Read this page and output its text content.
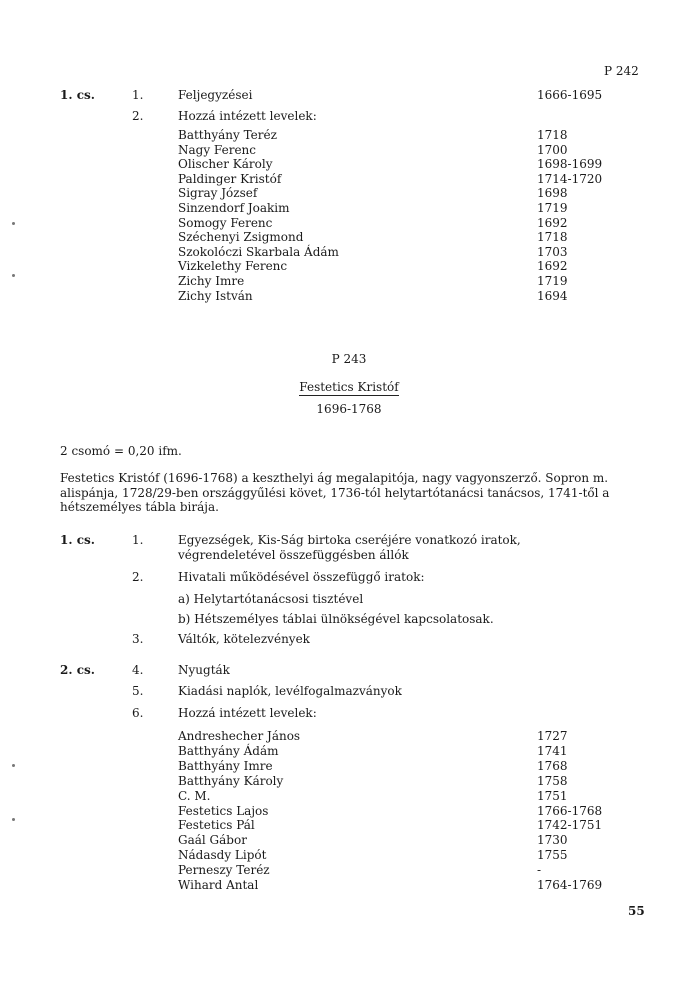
P 242
1. cs.	1.	Feljegyzései	1666-1695
2.	Hozzá intézett levelek:
Batthyány Teréz	1718
Nagy Ferenc	1700
Olischer Károly	1698-1699
Paldinger Kristóf	1714-1720
Sigray József	1698
Sinzendorf Joakim	1719
Somogy Ferenc	1692
Széchenyi Zsigmond	1718
Szokolóczi Skarbala Ádám	1703
Vizkelethy Ferenc	1692
Zichy Imre	1719
Zichy István	1694
P 243
Festetics Kristóf
1696-1768
2 csomó = 0,20 ifm.
Festetics Kristóf (1696-1768) a keszthelyi ág megalapitója, nagy vagyonszerző. Sopron m. alispánja, 1728/29-ben országgyűlési követ, 1736-tól helytartótanácsi tanácsos, 1741-től a hétszemélyes tábla birája.
1. cs.	1.	Egyezségek, Kis-Ság birtoka cseréjére vonatkozó iratok,
végrendeletével összefüggésben állók
2.	Hivatali működésével összefüggő iratok:
a) Helytartótanácsosi tisztével
b) Hétszemélyes táblai ülnökségével kapcsolatosak.
3.	Váltók, kötelezvények
2. cs.	4.	Nyugták
5.	Kiadási naplók, levélfogalmazványok
6.	Hozzá intézett levelek:
Andreshecher János	1727
Batthyány Ádám	1741
Batthyány Imre	1768
Batthyány Károly	1758
C. M.	1751
Festetics Lajos	1766-1768
Festetics Pál	1742-1751
Gaál Gábor	1730
Nádasdy Lipót	1755
Perneszy Teréz	-
Wihard Antal	1764-1769
55
